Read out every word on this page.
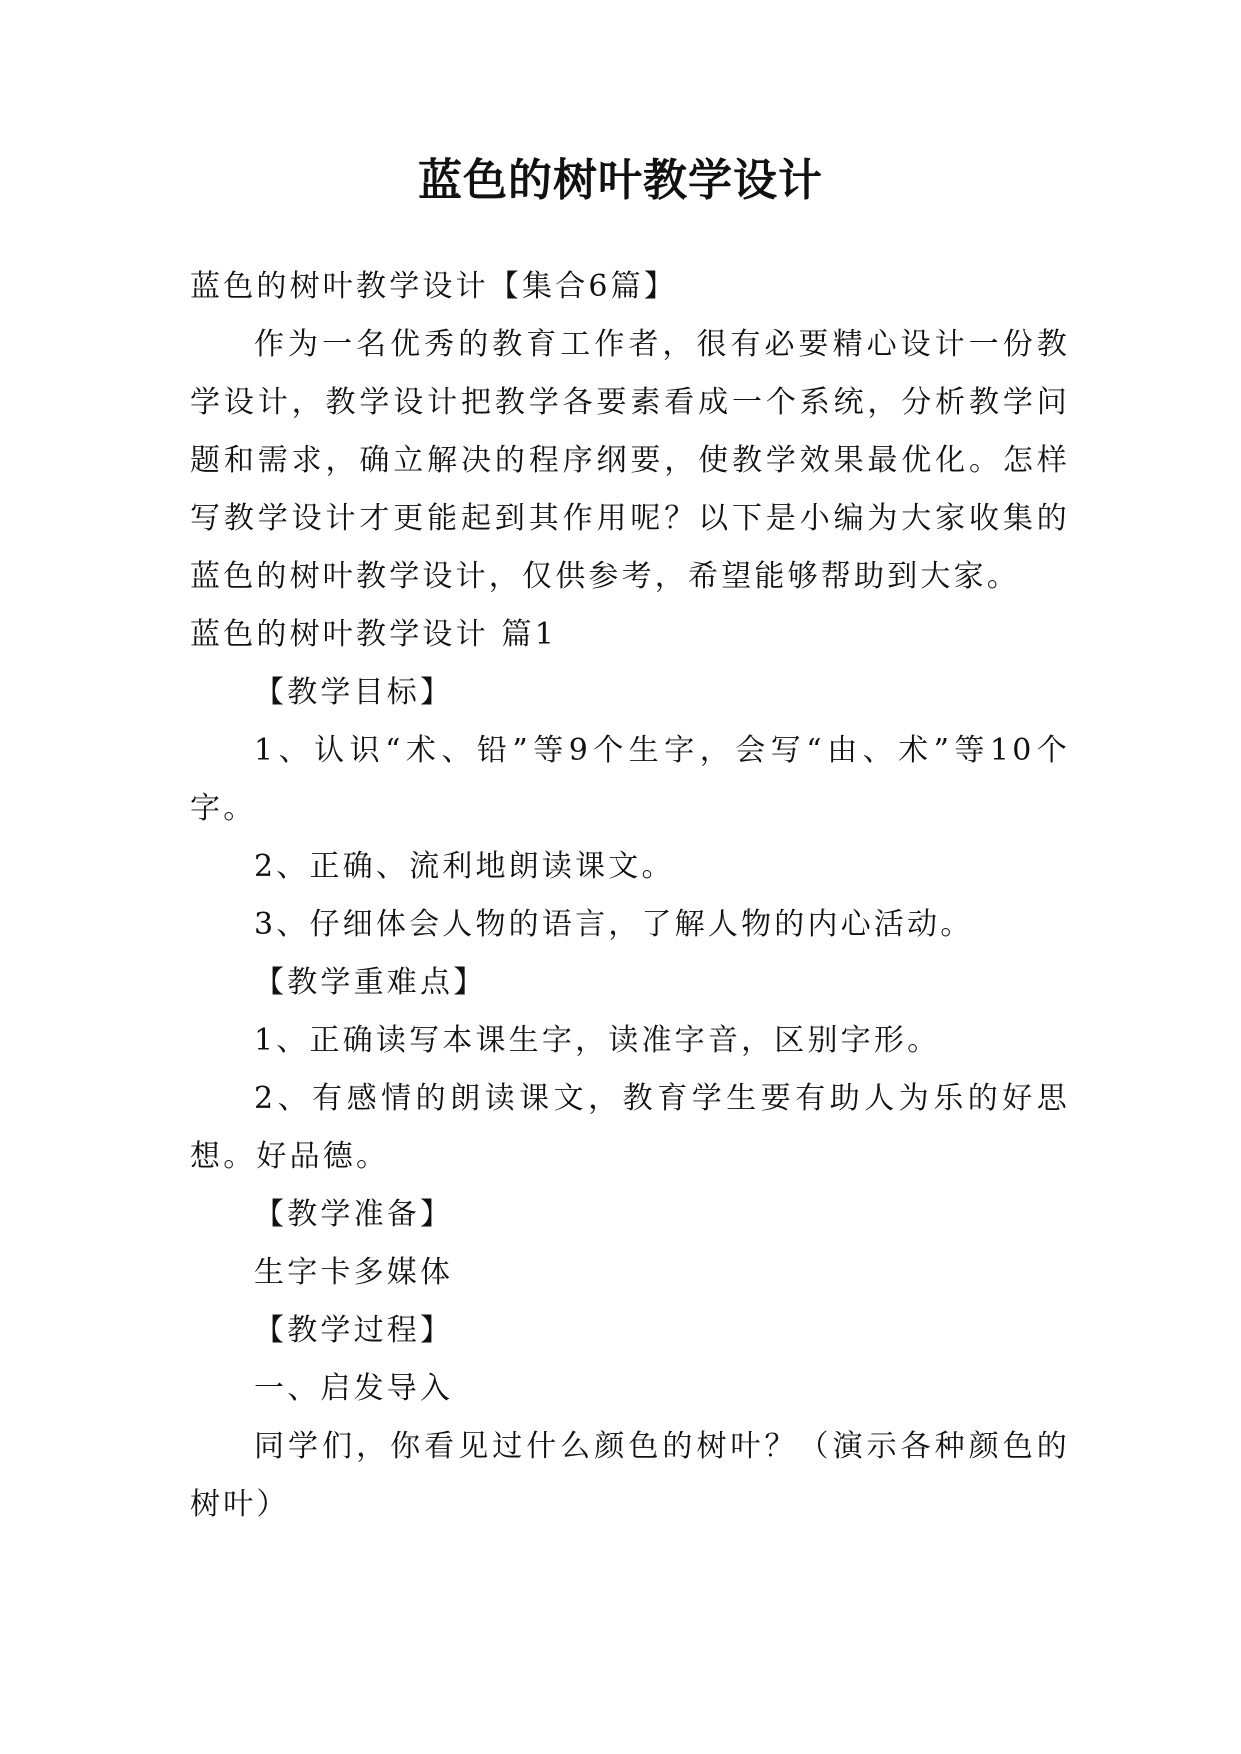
蓝色的树叶教学设计

蓝色的树叶教学设计【集合6篇】

作为一名优秀的教育工作者，很有必要精心设计一份教学设计，教学设计把教学各要素看成一个系统，分析教学问题和需求，确立解决的程序纲要，使教学效果最优化。怎样写教学设计才更能起到其作用呢？以下是小编为大家收集的蓝色的树叶教学设计，仅供参考，希望能够帮助到大家。

蓝色的树叶教学设计 篇1

【教学目标】

1、认识“术、铅”等9个生字，会写“由、术”等10个字。

2、正确、流利地朗读课文。

3、仔细体会人物的语言，了解人物的内心活动。

【教学重难点】

1、正确读写本课生字，读准字音，区别字形。

2、有感情的朗读课文，教育学生要有助人为乐的好思想。好品德。

【教学准备】

生字卡多媒体

【教学过程】

一、启发导入

同学们，你看见过什么颜色的树叶？（演示各种颜色的树叶）
